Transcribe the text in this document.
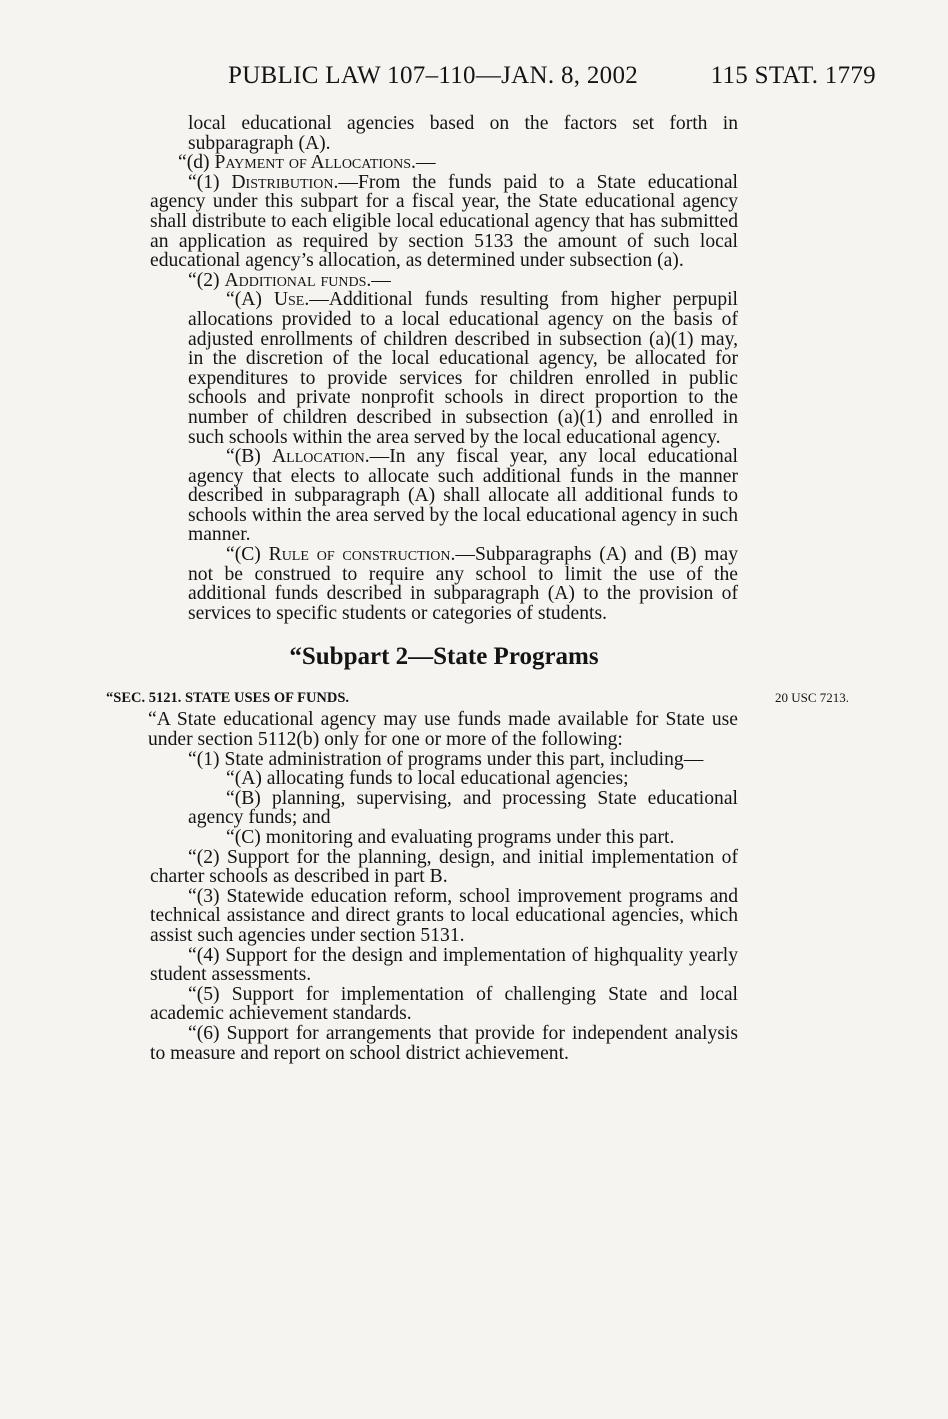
PUBLIC LAW 107–110—JAN. 8, 2002	115 STAT. 1779

local educational agencies based on the factors set forth in subparagraph (A).

“(d) Payment of Allocations.—

“(1) Distribution.—From the funds paid to a State educational agency under this subpart for a fiscal year, the State educational agency shall distribute to each eligible local educational agency that has submitted an application as required by section 5133 the amount of such local educational agency’s allocation, as determined under subsection (a).

“(2) Additional funds.—

“(A) Use.—Additional funds resulting from higher perpupil allocations provided to a local educational agency on the basis of adjusted enrollments of children described in subsection (a)(1) may, in the discretion of the local educational agency, be allocated for expenditures to provide services for children enrolled in public schools and private nonprofit schools in direct proportion to the number of children described in subsection (a)(1) and enrolled in such schools within the area served by the local educational agency.

“(B) Allocation.—In any fiscal year, any local educational agency that elects to allocate such additional funds in the manner described in subparagraph (A) shall allocate all additional funds to schools within the area served by the local educational agency in such manner.

“(C) Rule of construction.—Subparagraphs (A) and (B) may not be construed to require any school to limit the use of the additional funds described in subparagraph (A) to the provision of services to specific students or categories of students.

“Subpart 2—State Programs

“SEC. 5121. STATE USES OF FUNDS.	20 USC 7213.

“A State educational agency may use funds made available for State use under section 5112(b) only for one or more of the following:

“(1) State administration of programs under this part, including—

“(A) allocating funds to local educational agencies;

“(B) planning, supervising, and processing State educational agency funds; and

“(C) monitoring and evaluating programs under this part.

“(2) Support for the planning, design, and initial implementation of charter schools as described in part B.

“(3) Statewide education reform, school improvement programs and technical assistance and direct grants to local educational agencies, which assist such agencies under section 5131.

“(4) Support for the design and implementation of highquality yearly student assessments.

“(5) Support for implementation of challenging State and local academic achievement standards.

“(6) Support for arrangements that provide for independent analysis to measure and report on school district achievement.
